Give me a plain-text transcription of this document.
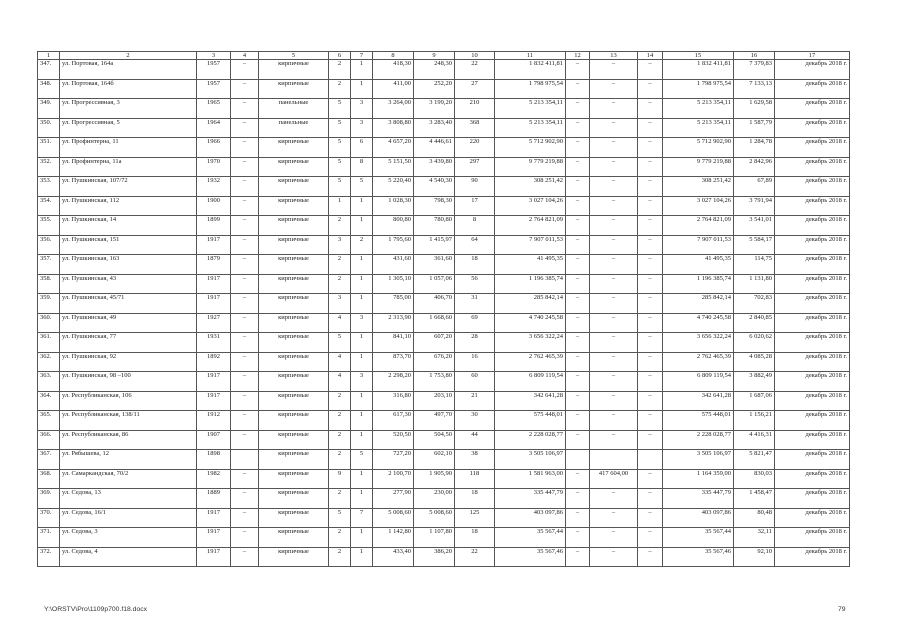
1	2	3	4	5	6	7	8	9	10	11	12	13	14	15	16	17
347.	ул. Портовая, 164а	1957	–	кирпичные	2	1	418,30	248,30	22	1 832 411,81	–	–	–	1 832 411,81	7 379,83	декабрь 2018 г.
348.	ул. Портовая, 164б	1957	–	кирпичные	2	1	411,00	252,20	27	1 798 975,54	–	–	–	1 798 975,54	7 133,13	декабрь 2018 г.
349.	ул. Прогрессивная, 3	1965	–	панельные	5	3	3 264,00	3 199,20	210	5 213 354,11	–	–	–	5 213 354,11	1 629,58	декабрь 2018 г.
350.	ул. Прогрессивная, 5	1964	–	панельные	5	3	3 808,80	3 283,40	368	5 213 354,11	–	–	–	5 213 354,11	1 587,79	декабрь 2018 г.
351.	ул. Профинтерна, 11	1966	–	кирпичные	5	6	4 657,20	4 446,61	220	5 712 902,90	–	–	–	5 712 902,90	1 284,78	декабрь 2018 г.
352.	ул. Профинтерна, 11а	1970	–	кирпичные	5	8	5 151,50	3 439,80	297	9 779 219,88	–	–	–	9 779 219,88	2 842,96	декабрь 2018 г.
353.	ул. Пушкинская, 107/72	1932	–	кирпичные	5	5	5 220,40	4 540,30	90	308 251,42	–	–	–	308 251,42	67,89	декабрь 2018 г.
354.	ул. Пушкинская, 112	1900	–	кирпичные	1	1	1 028,30	798,30	17	3 027 104,26	–	–	–	3 027 104,26	3 791,94	декабрь 2018 г.
355.	ул. Пушкинская, 14	1899	–	кирпичные	2	1	800,80	780,80	8	2 764 821,09	–	–	–	2 764 821,09	3 541,01	декабрь 2018 г.
356.	ул. Пушкинская, 151	1917	–	кирпичные	3	2	1 795,60	1 415,97	64	7 907 011,53	–	–	–	7 907 011,53	5 584,17	декабрь 2018 г.
357.	ул. Пушкинская, 163	1879	–	кирпичные	2	1	431,60	361,60	18	41 495,35	–	–	–	41 495,35	114,75	декабрь 2018 г.
358.	ул. Пушкинская, 43	1917	–	кирпичные	2	1	1 305,10	1 057,06	56	1 196 385,74	–	–	–	1 196 385,74	1 131,80	декабрь 2018 г.
359.	ул. Пушкинская, 45/71	1917	–	кирпичные	3	1	785,00	406,70	31	285 842,14	–	–	–	285 842,14	702,83	декабрь 2018 г.
360.	ул. Пушкинская, 49	1927	–	кирпичные	4	3	2 313,90	1 668,60	69	4 740 245,58	–	–	–	4 740 245,58	2 840,85	декабрь 2018 г.
361.	ул. Пушкинская, 77	1931	–	кирпичные	5	1	841,10	607,20	28	3 656 322,24	–	–	–	3 656 322,24	6 020,62	декабрь 2018 г.
362.	ул. Пушкинская, 92	1892	–	кирпичные	4	1	873,70	676,20	16	2 762 465,39	–	–	–	2 762 465,39	4 085,28	декабрь 2018 г.
363.	ул. Пушкинская, 98 –100	1917	–	кирпичные	4	3	2 298,20	1 753,80	60	6 809 119,54	–	–	–	6 809 119,54	3 882,49	декабрь 2018 г.
364.	ул. Республиканская, 106	1917	–	кирпичные	2	1	316,80	203,10	21	342 641,28	–	–	–	342 641,28	1 687,06	декабрь 2018 г.
365.	ул. Республиканская, 138/11	1912	–	кирпичные	2	1	617,30	497,70	30	575 448,01	–	–	–	575 448,01	1 156,21	декабрь 2018 г.
366.	ул. Республиканская, 86	1907	–	кирпичные	2	1	520,50	504,50	44	2 228 028,77	–	–	–	2 228 028,77	4 416,31	декабрь 2018 г.
367.	ул. Рябышева, 12	1898		кирпичные	2	5	727,20	602,10	38	3 505 106,97				3 505 106,97	5 821,47	декабрь 2018 г.
368.	ул. Самаркандская, 70/2	1982	–	кирпичные	9	1	2 100,70	1 905,90	118	1 581 963,00	–	417 604,00	–	1 164 359,00	830,03	декабрь 2018 г.
369.	ул. Седова, 13	1889	–	кирпичные	2	1	277,90	230,00	18	335 447,79	–	–	–	335 447,79	1 458,47	декабрь 2018 г.
370.	ул. Седова, 16/1	1917	–	кирпичные	5	7	5 008,60	5 008,60	125	403 097,86	–	–	–	403 097,86	80,48	декабрь 2018 г.
371.	ул. Седова, 3	1917	–	кирпичные	2	1	1 142,80	1 107,80	18	35 567,44	–	–	–	35 567,44	32,11	декабрь 2018 г.
372.	ул. Седова, 4	1917	–	кирпичные	2	1	433,40	386,20	22	35 567,46	–	–	–	35 567,46	92,10	декабрь 2018 г.
Y:\ORSTV\Pro\1109p700.f18.docx	79
